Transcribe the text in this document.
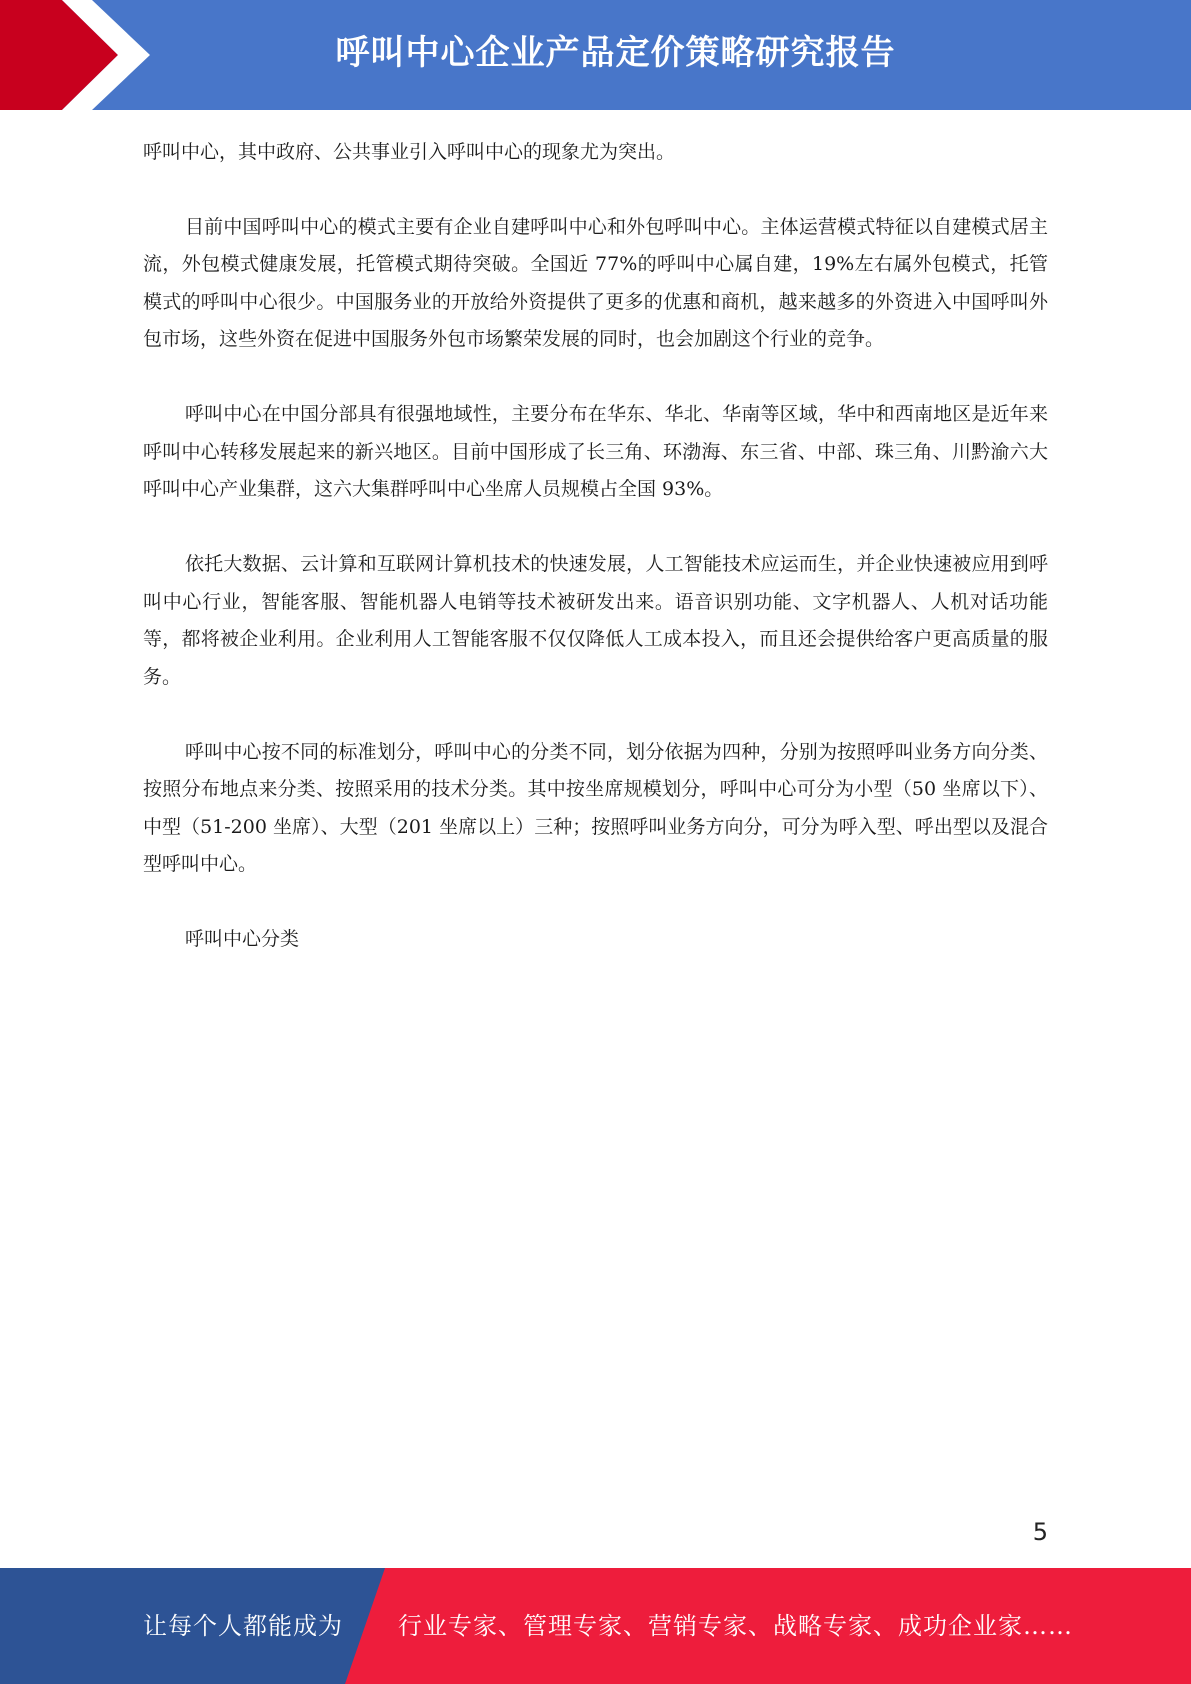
呼叫中心企业产品定价策略研究报告

呼叫中心，其中政府、公共事业引入呼叫中心的现象尤为突出。

目前中国呼叫中心的模式主要有企业自建呼叫中心和外包呼叫中心。主体运营模式特征以自建模式居主流，外包模式健康发展，托管模式期待突破。全国近 77%的呼叫中心属自建，19%左右属外包模式，托管模式的呼叫中心很少。中国服务业的开放给外资提供了更多的优惠和商机，越来越多的外资进入中国呼叫外包市场，这些外资在促进中国服务外包市场繁荣发展的同时，也会加剧这个行业的竞争。

呼叫中心在中国分部具有很强地域性，主要分布在华东、华北、华南等区域，华中和西南地区是近年来呼叫中心转移发展起来的新兴地区。目前中国形成了长三角、环渤海、东三省、中部、珠三角、川黔渝六大呼叫中心产业集群，这六大集群呼叫中心坐席人员规模占全国 93%。

依托大数据、云计算和互联网计算机技术的快速发展，人工智能技术应运而生，并企业快速被应用到呼叫中心行业，智能客服、智能机器人电销等技术被研发出来。语音识别功能、文字机器人、人机对话功能等，都将被企业利用。企业利用人工智能客服不仅仅降低人工成本投入，而且还会提供给客户更高质量的服务。

呼叫中心按不同的标准划分，呼叫中心的分类不同，划分依据为四种，分别为按照呼叫业务方向分类、按照分布地点来分类、按照采用的技术分类。其中按坐席规模划分，呼叫中心可分为小型（50 坐席以下）、中型（51-200 坐席）、大型（201 坐席以上）三种；按照呼叫业务方向分，可分为呼入型、呼出型以及混合型呼叫中心。

呼叫中心分类

5
让每个人都能成为 行业专家、管理专家、营销专家、战略专家、成功企业家……
